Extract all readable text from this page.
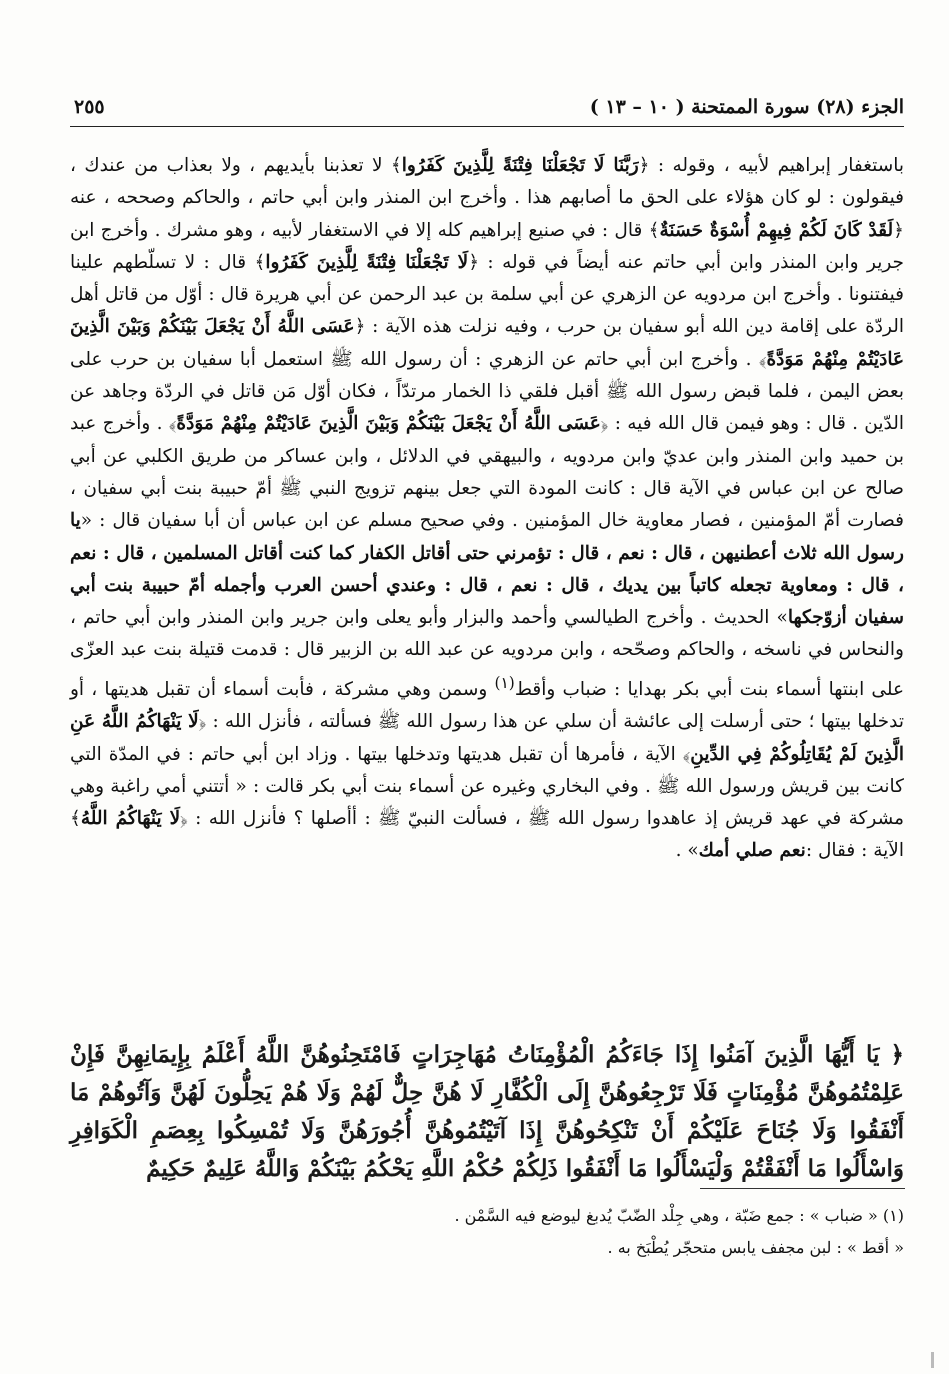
الجزء (٢٨) سورة الممتحنة ( ١٠ – ١٣ )
٢٥٥
باستغفار إبراهيم لأبيه ، وقوله : ﴿رَبَّنَا لَا تَجْعَلْنَا فِتْنَةً لِلَّذِينَ كَفَرُوا﴾ لا تعذبنا بأيديهم ، ولا بعذاب من عندك ، فيقولون : لو كان هؤلاء على الحق ما أصابهم هذا . وأخرج ابن المنذر وابن أبي حاتم ، والحاكم وصححه ، عنه ﴿لَقَدْ كَانَ لَكُمْ فِيهِمْ أُسْوَةٌ حَسَنَةٌ﴾ قال : في صنيع إبراهيم كله إلا في الاستغفار لأبيه ، وهو مشرك . وأخرج ابن جرير وابن المنذر وابن أبي حاتم عنه أيضاً في قوله : ﴿لَا تَجْعَلْنَا فِتْنَةً لِلَّذِينَ كَفَرُوا﴾ قال : لا تسلّطهم علينا فيفتنونا . وأخرج ابن مردويه عن الزهري عن أبي سلمة بن عبد الرحمن عن أبي هريرة قال : أوّل من قاتل أهل الردّة على إقامة دين الله أبو سفيان بن حرب ، وفيه نزلت هذه الآية : ﴿عَسَى اللَّهُ أَنْ يَجْعَلَ بَيْنَكُمْ وَبَيْنَ الَّذِينَ عَادَيْتُمْ مِنْهُمْ مَوَدَّةً﴾ . وأخرج ابن أبي حاتم عن الزهري : أن رسول الله ﷺ استعمل أبا سفيان بن حرب على بعض اليمن ، فلما قبض رسول الله ﷺ أقبل فلقي ذا الخمار مرتدّاً ، فكان أوّل مَن قاتل في الردّة وجاهد عن الدّين . قال : وهو فيمن قال الله فيه : ﴿عَسَى اللَّهُ أَنْ يَجْعَلَ بَيْنَكُمْ وَبَيْنَ الَّذِينَ عَادَيْتُمْ مِنْهُمْ مَوَدَّةً﴾ . وأخرج عبد بن حميد وابن المنذر وابن عديّ وابن مردويه ، والبيهقي في الدلائل ، وابن عساكر من طريق الكلبي عن أبي صالح عن ابن عباس في الآية قال : كانت المودة التي جعل بينهم تزويج النبي ﷺ أمّ حبيبة بنت أبي سفيان ، فصارت أمّ المؤمنين ، فصار معاوية خال المؤمنين . وفي صحيح مسلم عن ابن عباس أن أبا سفيان قال : «يا رسول الله ثلاث أعطنيهن ، قال : نعم ، قال : تؤمرني حتى أقاتل الكفار كما كنت أقاتل المسلمين ، قال : نعم ، قال : ومعاوية تجعله كاتباً بين يديك ، قال : نعم ، قال : وعندي أحسن العرب وأجمله أمّ حبيبة بنت أبي سفيان أزوّجكها» الحديث . وأخرج الطيالسي وأحمد والبزار وأبو يعلى وابن جرير وابن المنذر وابن أبي حاتم ، والنحاس في ناسخه ، والحاكم وصحّحه ، وابن مردويه عن عبد الله بن الزبير قال : قدمت قتيلة بنت عبد العزّى على ابنتها أسماء بنت أبي بكر بهدايا : ضباب وأقط$^{(١)}$ وسمن وهي مشركة ، فأبت أسماء أن تقبل هديتها ، أو تدخلها بيتها ؛ حتى أرسلت إلى عائشة أن سلي عن هذا رسول الله ﷺ فسألته ، فأنزل الله : ﴿لَا يَنْهَاكُمُ اللَّهُ عَنِ الَّذِينَ لَمْ يُقَاتِلُوكُمْ فِي الدِّينِ﴾ الآية ، فأمرها أن تقبل هديتها وتدخلها بيتها . وزاد ابن أبي حاتم : في المدّة التي كانت بين قريش ورسول الله ﷺ . وفي البخاري وغيره عن أسماء بنت أبي بكر قالت : « أتتني أمي راغبة وهي مشركة في عهد قريش إذ عاهدوا رسول الله ﷺ ، فسألت النبيّ ﷺ : أأصلها ؟ فأنزل الله : ﴿لَا يَنْهَاكُمُ اللَّهُ﴾ الآية : فقال :نعم صلي أمك» .
﴿ يَا أَيُّهَا الَّذِينَ آمَنُوا إِذَا جَاءَكُمُ الْمُؤْمِنَاتُ مُهَاجِرَاتٍ فَامْتَحِنُوهُنَّ اللَّهُ أَعْلَمُ بِإِيمَانِهِنَّ فَإِنْ عَلِمْتُمُوهُنَّ مُؤْمِنَاتٍ فَلَا تَرْجِعُوهُنَّ إِلَى الْكُفَّارِ لَا هُنَّ حِلٌّ لَهُمْ وَلَا هُمْ يَحِلُّونَ لَهُنَّ وَآتُوهُمْ مَا أَنْفَقُوا وَلَا جُنَاحَ عَلَيْكُمْ أَنْ تَنْكِحُوهُنَّ إِذَا آتَيْتُمُوهُنَّ أُجُورَهُنَّ وَلَا تُمْسِكُوا بِعِصَمِ الْكَوَافِرِ وَاسْأَلُوا مَا أَنْفَقْتُمْ وَلْيَسْأَلُوا مَا أَنْفَقُوا ذَلِكُمْ حُكْمُ اللَّهِ يَحْكُمُ بَيْنَكُمْ وَاللَّهُ عَلِيمٌ حَكِيمٌ
(١) « ضباب » : جمع ضَبّة ، وهي جِلْد الضّبّ يُدبغ ليوضع فيه السَّمْن .
« أقط » : لبن مجفف يابس متحجّر يُطْبَخ به .
